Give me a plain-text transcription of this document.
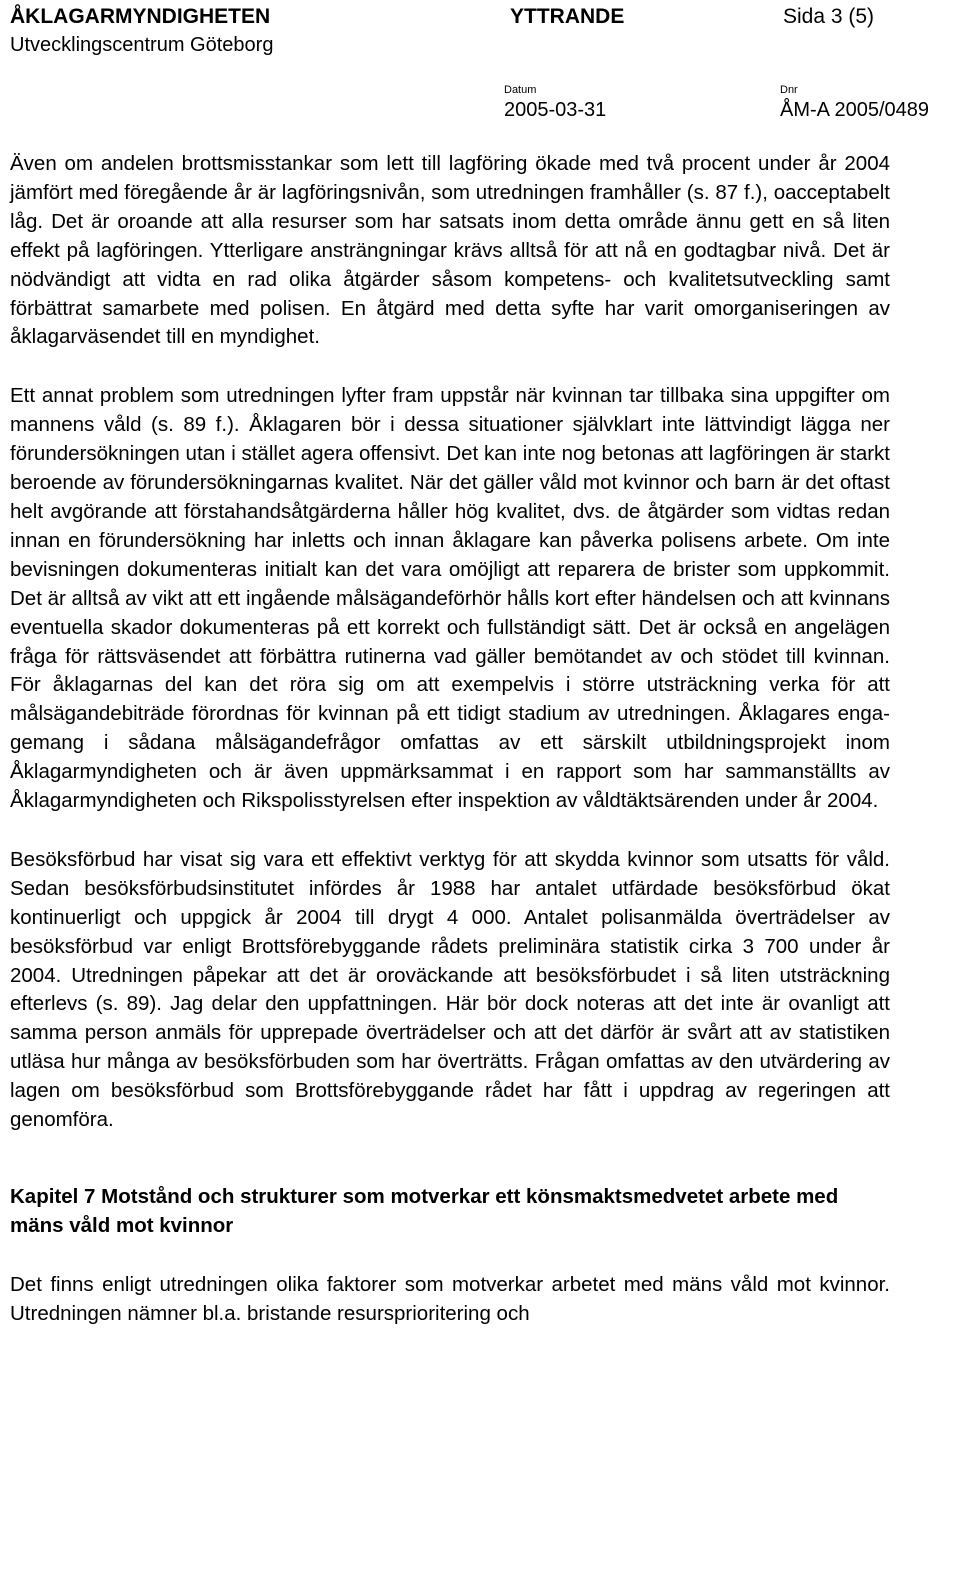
ÅKLAGARMYNDIGHETEN
Utvecklingscentrum Göteborg
YTTRANDE	Sida 3 (5)
Datum
2005-03-31
Dnr
ÅM-A 2005/0489

Även om andelen brottsmisstankar som lett till lagföring ökade med två procent under år 2004 jämfört med föregående år är lagföringsnivån, som utredningen framhåller (s. 87 f.), oacceptabelt låg. Det är oroande att alla resurser som har satsats inom detta område ännu gett en så liten effekt på lagföringen. Ytterligare ansträngningar krävs alltså för att nå en godtagbar nivå. Det är nödvändigt att vidta en rad olika åtgärder såsom kompetens- och kvalitetsutveckling samt förbättrat samarbete med polisen. En åtgärd med detta syfte har varit omorganiseringen av åklagarväsendet till en myndighet.

Ett annat problem som utredningen lyfter fram uppstår när kvinnan tar tillbaka sina uppgifter om mannens våld (s. 89 f.). Åklagaren bör i dessa situationer självklart inte lättvindigt lägga ner förundersökningen utan i stället agera offensivt. Det kan inte nog betonas att lagföringen är starkt beroende av förundersökningarnas kvalitet. När det gäller våld mot kvinnor och barn är det oftast helt avgörande att förstahandsåtgärderna håller hög kvalitet, dvs. de åtgärder som vidtas redan innan en förundersökning har inletts och innan åklagare kan påverka polisens arbete. Om inte bevisningen dokumenteras initialt kan det vara omöjligt att reparera de brister som uppkommit. Det är alltså av vikt att ett ingående målsägandeförhör hålls kort efter händelsen och att kvinnans eventuella skador dokumenteras på ett korrekt och fullständigt sätt. Det är också en angelägen fråga för rättsväsendet att förbättra rutinerna vad gäller bemötandet av och stödet till kvinnan. För åklagarnas del kan det röra sig om att exempelvis i större utsträckning verka för att målsägandebiträde förordnas för kvinnan på ett tidigt stadium av utredningen. Åklagares engagemang i sådana målsägandefrågor omfattas av ett särskilt utbildningsprojekt inom Åklagarmyndigheten och är även uppmärksammat i en rapport som har sammanställts av Åklagarmyndigheten och Rikspolisstyrelsen efter inspektion av våldtäktsärenden under år 2004.

Besöksförbud har visat sig vara ett effektivt verktyg för att skydda kvinnor som utsatts för våld. Sedan besöksförbudsinstitutet infördes år 1988 har antalet utfärdade besöksförbud ökat kontinuerligt och uppgick år 2004 till drygt 4 000. Antalet polisanmälda överträdelser av besöksförbud var enligt Brottsförebyggande rådets preliminära statistik cirka 3 700 under år 2004. Utredningen påpekar att det är oroväckande att besöksförbudet i så liten utsträckning efterlevs (s. 89). Jag delar den uppfattningen. Här bör dock noteras att det inte är ovanligt att samma person anmäls för upprepade överträdelser och att det därför är svårt att av statistiken utläsa hur många av besöksförbuden som har överträtts. Frågan omfattas av den utvärdering av lagen om besöksförbud som Brottsförebyggande rådet har fått i uppdrag av regeringen att genomföra.

Kapitel 7 Motstånd och strukturer som motverkar ett könsmaktsmedvetet arbete med mäns våld mot kvinnor

Det finns enligt utredningen olika faktorer som motverkar arbetet med mäns våld mot kvinnor. Utredningen nämner bl.a. bristande resursprioritering och
